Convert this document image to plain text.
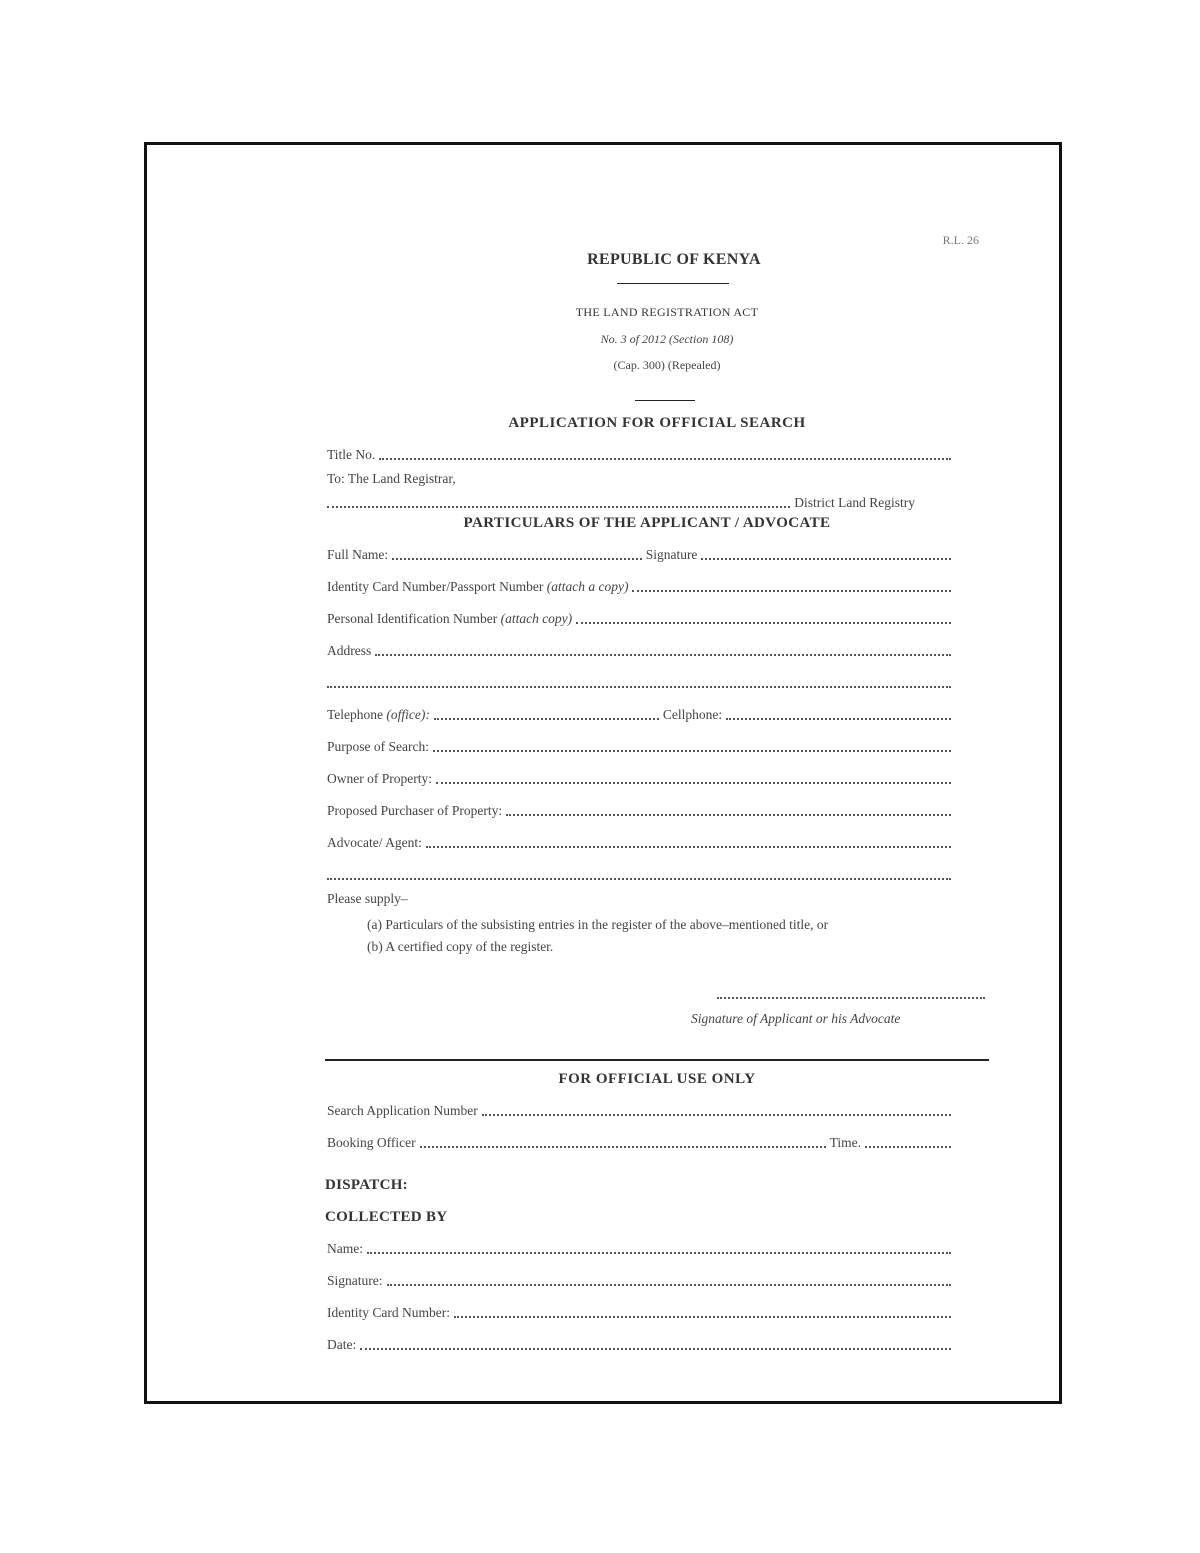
R.L. 26
REPUBLIC OF KENYA
THE LAND REGISTRATION ACT
No. 3 of 2012 (Section 108)
(Cap. 300) (Repealed)
APPLICATION FOR OFFICIAL SEARCH
Title No.
To: The Land Registrar,
District Land Registry
PARTICULARS OF THE APPLICANT / ADVOCATE
Full Name:	Signature
Identity Card Number/Passport Number (attach a copy)
Personal Identification Number (attach copy)
Address
Telephone (office):	Cellphone:
Purpose of Search:
Owner of Property:
Proposed Purchaser of Property:
Advocate/ Agent:
Please supply–
(a) Particulars of the subsisting entries in the register of the above–mentioned title, or
(b) A certified copy of the register.
Signature of Applicant or his Advocate
FOR OFFICIAL USE ONLY
Search Application Number
Booking Officer	Time.
DISPATCH:
COLLECTED BY
Name:
Signature:
Identity Card Number:
Date:
